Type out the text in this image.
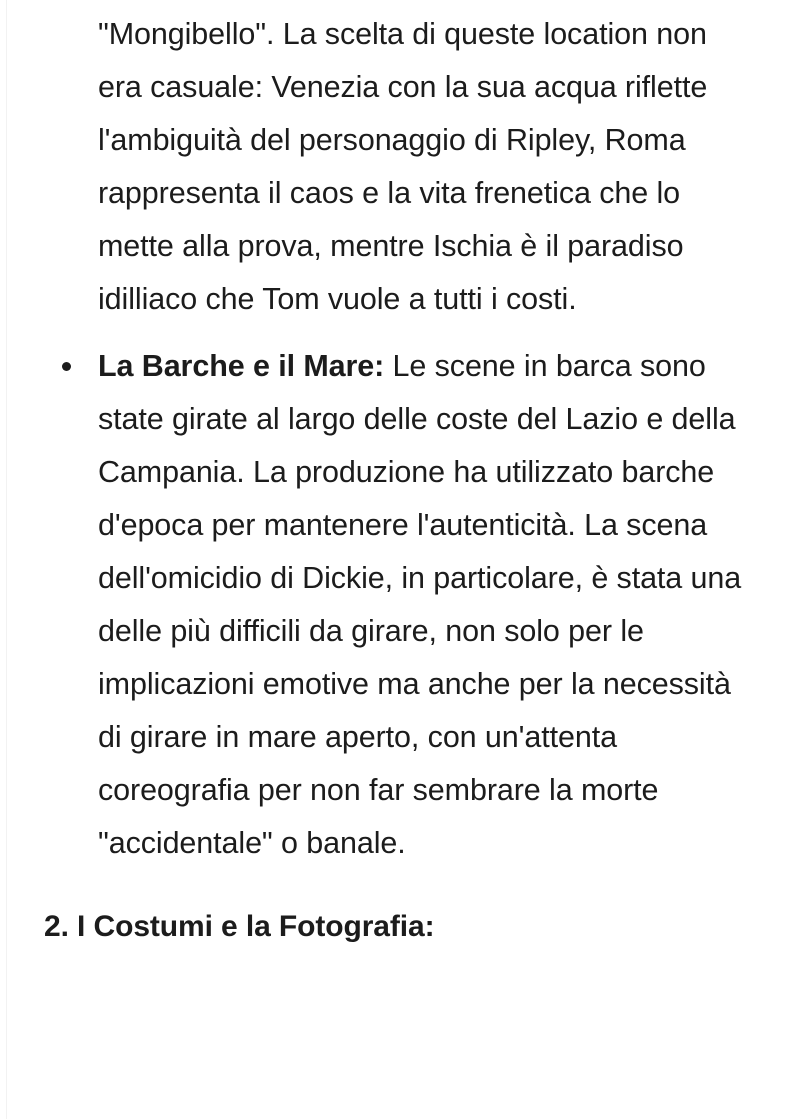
"Mongibello". La scelta di queste location non era casuale: Venezia con la sua acqua riflette l'ambiguità del personaggio di Ripley, Roma rappresenta il caos e la vita frenetica che lo mette alla prova, mentre Ischia è il paradiso idilliaco che Tom vuole a tutti i costi.

La Barche e il Mare: Le scene in barca sono state girate al largo delle coste del Lazio e della Campania. La produzione ha utilizzato barche d'epoca per mantenere l'autenticità. La scena dell'omicidio di Dickie, in particolare, è stata una delle più difficili da girare, non solo per le implicazioni emotive ma anche per la necessità di girare in mare aperto, con un'attenta coreografia per non far sembrare la morte "accidentale" o banale.

2. I Costumi e la Fotografia:
